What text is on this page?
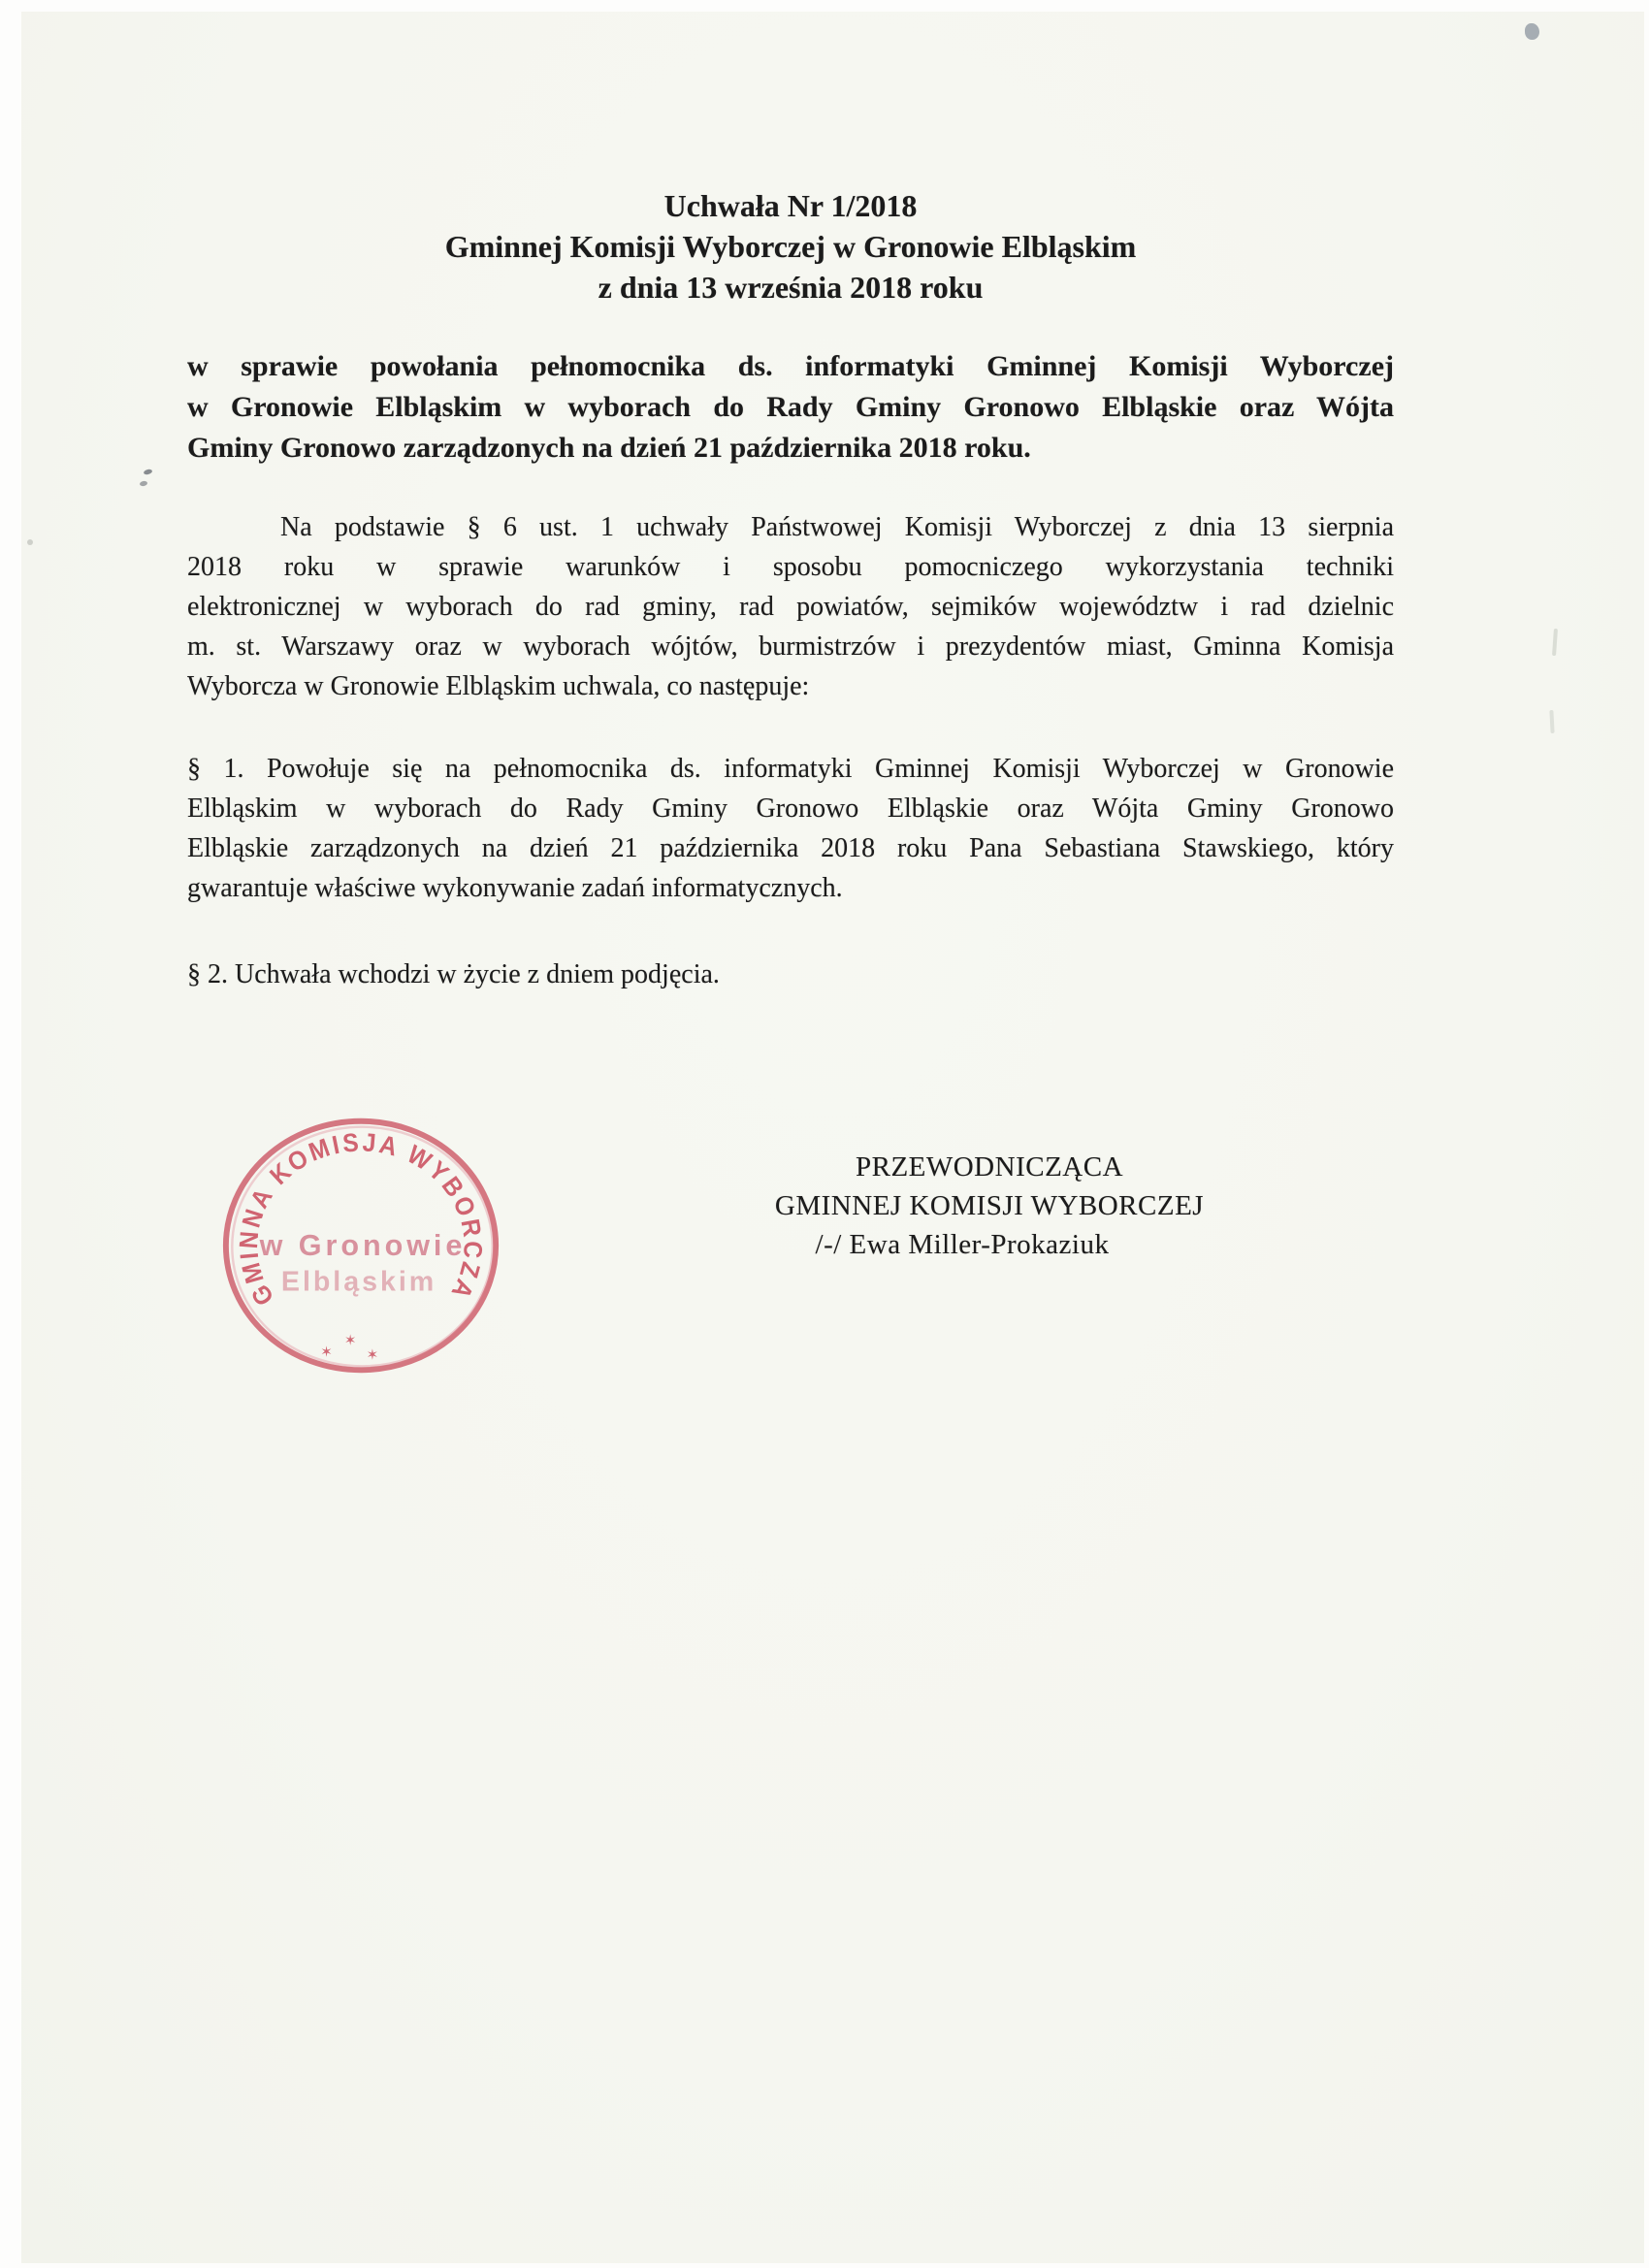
Uchwała Nr 1/2018
Gminnej Komisji Wyborczej w Gronowie Elbląskim
z dnia 13 września 2018 roku
w sprawie powołania pełnomocnika ds. informatyki Gminnej Komisji Wyborczej
w Gronowie Elbląskim w wyborach do Rady Gminy Gronowo Elbląskie oraz Wójta
Gminy Gronowo zarządzonych na dzień 21 października 2018 roku.
Na podstawie § 6 ust. 1 uchwały Państwowej Komisji Wyborczej z dnia 13 sierpnia
2018 roku w sprawie warunków i sposobu pomocniczego wykorzystania techniki
elektronicznej w wyborach do rad gminy, rad powiatów, sejmików województw i rad dzielnic
m. st. Warszawy oraz w wyborach wójtów, burmistrzów i prezydentów miast, Gminna Komisja
Wyborcza w Gronowie Elbląskim uchwala, co następuje:
§ 1. Powołuje się na pełnomocnika ds. informatyki Gminnej Komisji Wyborczej w Gronowie
Elbląskim w wyborach do Rady Gminy Gronowo Elbląskie oraz Wójta Gminy Gronowo
Elbląskie zarządzonych na dzień 21 października 2018 roku Pana Sebastiana Stawskiego, który
gwarantuje właściwe wykonywanie zadań informatycznych.
§ 2. Uchwała wchodzi w życie z dniem podjęcia.
GMINNA KOMISJA WYBORCZA
w Gronowie
Elbląskim
✶
✶
✶
PRZEWODNICZĄCA
GMINNEJ KOMISJI WYBORCZEJ
/-/ Ewa Miller-Prokaziuk
